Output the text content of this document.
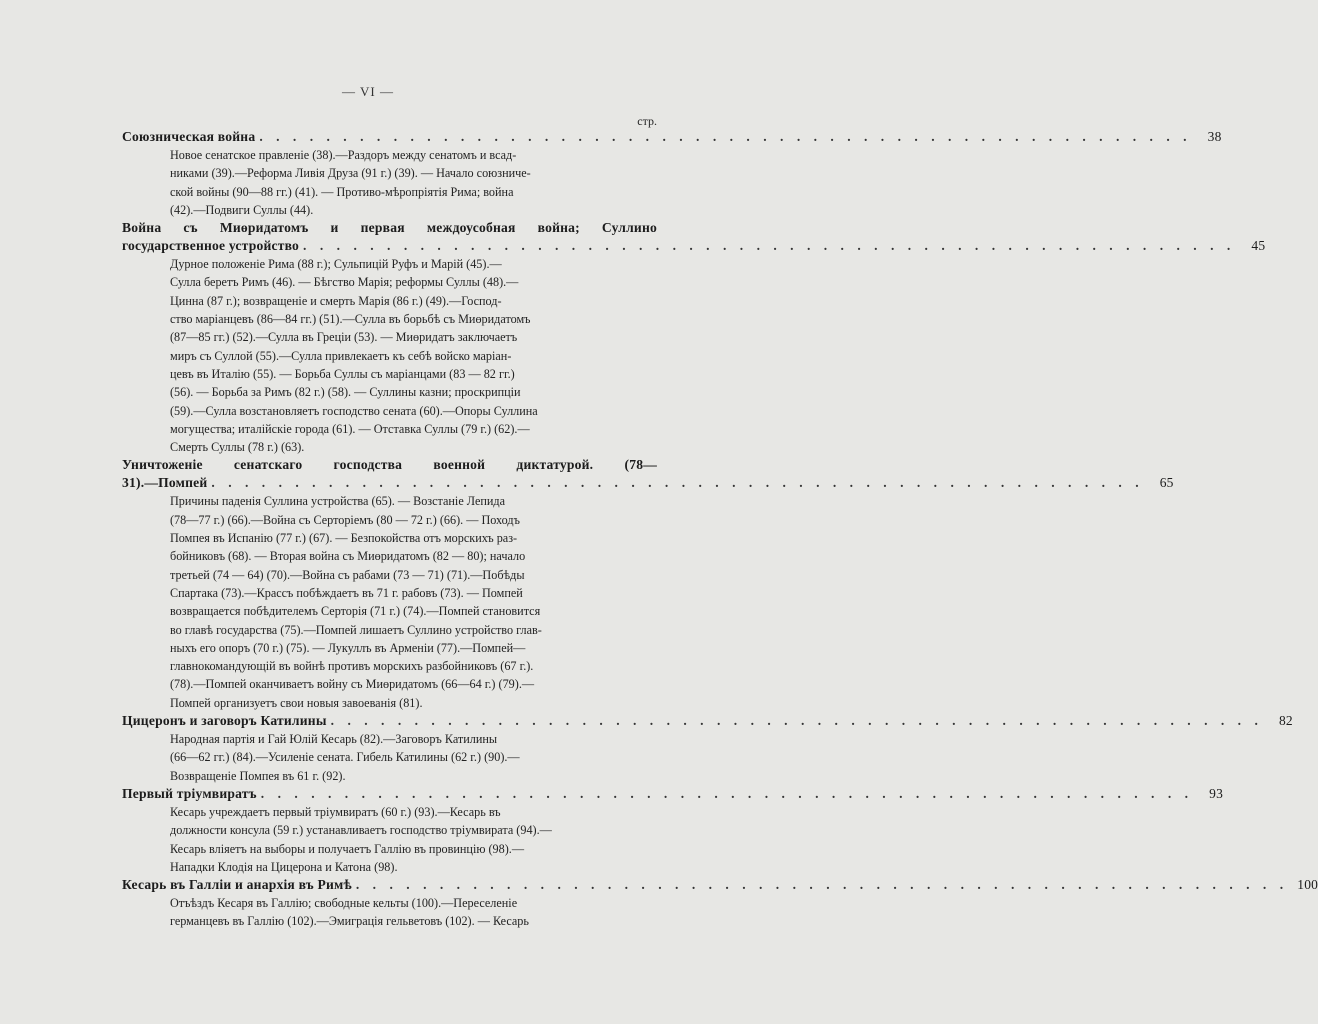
— VI —
стр.
Союзническая война . . . . . . . . . . . . . . . . . . . . . . . . . . . . . . . . . . . . . . . . . . . . . . . . . . . . . . . .	38
Новое сенатское правленіе (38).—Раздоръ между сенатомъ и всад-
никами (39).—Реформа Ливія Друза (91 г.) (39). — Начало союзниче-
ской войны (90—88 гг.) (41). — Противо-мѣропріятія Рима; война
(42).—Подвиги Суллы (44).
Война съ Миөридатомъ и первая междоусобная война; Суллино
государственное устройство . . . . . . . . . . . . . . . . . . . . . . . . . . . . . . . . . . . . . . . . . . . . . . . . . . . . . . . .	45
Дурное положеніе Рима (88 г.); Сульпицій Руфъ и Марій (45).—
Сулла беретъ Римъ (46). — Бѣгство Марія; реформы Суллы (48).—
Цинна (87 г.); возвращеніе и смерть Марія (86 г.) (49).—Господ-
ство маріанцевъ (86—84 гг.) (51).—Сулла въ борьбѣ съ Миөридатомъ
(87—85 гг.) (52).—Сулла въ Греціи (53). — Миөридатъ заключаетъ
миръ съ Суллой (55).—Сулла привлекаетъ къ себѣ войско маріан-
цевъ въ Италію (55). — Борьба Суллы съ маріанцами (83 — 82 гг.)
(56). — Борьба за Римъ (82 г.) (58). — Суллины казни; проскрипціи
(59).—Сулла возстановляетъ господство сената (60).—Опоры Суллина
могущества; италійскіе города (61). — Отставка Суллы (79 г.) (62).—
Смерть Суллы (78 г.) (63).
Уничтоженіе сенатскаго господства военной диктатурой. (78—
31).—Помпей . . . . . . . . . . . . . . . . . . . . . . . . . . . . . . . . . . . . . . . . . . . . . . . . . . . . . . . .	65
Причины паденія Суллина устройства (65). — Возстаніе Лепида
(78—77 г.) (66).—Война съ Серторіемъ (80 — 72 г.) (66). — Походъ
Помпея въ Испанію (77 г.) (67). — Безпокойства отъ морскихъ раз-
бойниковъ (68). — Вторая война съ Миөридатомъ (82 — 80); начало
третьей (74 — 64) (70).—Война съ рабами (73 — 71) (71).—Побѣды
Спартака (73).—Крассъ побѣждаетъ въ 71 г. рабовъ (73). — Помпей
возвращается побѣдителемъ Серторія (71 г.) (74).—Помпей становится
во главѣ государства (75).—Помпей лишаетъ Суллино устройство глав-
ныхъ его опоръ (70 г.) (75). — Лукуллъ въ Арменіи (77).—Помпей—
главнокомандующій въ войнѣ противъ морскихъ разбойниковъ (67 г.).
(78).—Помпей оканчиваетъ войну съ Миөридатомъ (66—64 г.) (79).—
Помпей организуетъ свои новыя завоеванія (81).
Цицеронъ и заговоръ Катилины . . . . . . . . . . . . . . . . . . . . . . . . . . . . . . . . . . . . . . . . . . . . . . . . . . . . . . . .	82
Народная партія и Гай Юлій Кесарь (82).—Заговоръ Катилины
(66—62 гг.) (84).—Усиленіе сената. Гибель Катилины (62 г.) (90).—
Возвращеніе Помпея въ 61 г. (92).
Первый тріумвиратъ . . . . . . . . . . . . . . . . . . . . . . . . . . . . . . . . . . . . . . . . . . . . . . . . . . . . . . . .	93
Кесарь учреждаетъ первый тріумвиратъ (60 г.) (93).—Кесарь въ
должности консула (59 г.) устанавливаетъ господство тріумвирата (94).—
Кесарь вліяетъ на выборы и получаетъ Галлію въ провинцію (98).—
Нападки Клодія на Цицерона и Катона (98).
Кесарь въ Галліи и анархія въ Римѣ . . . . . . . . . . . . . . . . . . . . . . . . . . . . . . . . . . . . . . . . . . . . . . . . . . . . . . . . 100
Отъѣздъ Кесаря въ Галлію; свободные кельты (100).—Переселеніе
германцевъ въ Галлію (102).—Эмиграція гельветовъ (102). — Кесарь
